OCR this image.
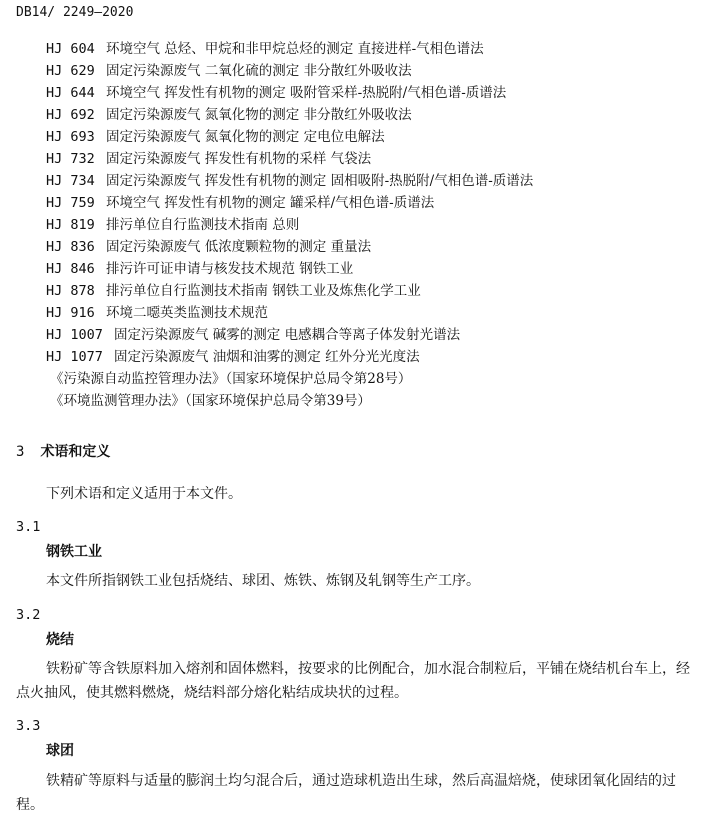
DB14/ 2249—2020
HJ 604 环境空气 总烃、甲烷和非甲烷总烃的测定 直接进样-气相色谱法
HJ 629 固定污染源废气 二氧化硫的测定 非分散红外吸收法
HJ 644 环境空气 挥发性有机物的测定 吸附管采样-热脱附/气相色谱-质谱法
HJ 692 固定污染源废气 氮氧化物的测定 非分散红外吸收法
HJ 693 固定污染源废气 氮氧化物的测定 定电位电解法
HJ 732 固定污染源废气 挥发性有机物的采样 气袋法
HJ 734 固定污染源废气 挥发性有机物的测定 固相吸附-热脱附/气相色谱-质谱法
HJ 759 环境空气 挥发性有机物的测定 罐采样/气相色谱-质谱法
HJ 819 排污单位自行监测技术指南 总则
HJ 836 固定污染源废气 低浓度颗粒物的测定 重量法
HJ 846 排污许可证申请与核发技术规范 钢铁工业
HJ 878 排污单位自行监测技术指南 钢铁工业及炼焦化学工业
HJ 916 环境二噁英类监测技术规范
HJ 1007 固定污染源废气 碱雾的测定 电感耦合等离子体发射光谱法
HJ 1077 固定污染源废气 油烟和油雾的测定 红外分光光度法
《污染源自动监控管理办法》（国家环境保护总局令第28号）
《环境监测管理办法》（国家环境保护总局令第39号）
3 术语和定义
下列术语和定义适用于本文件。
3.1
钢铁工业
本文件所指钢铁工业包括烧结、球团、炼铁、炼钢及轧钢等生产工序。
3.2
烧结
铁粉矿等含铁原料加入熔剂和固体燃料，按要求的比例配合，加水混合制粒后，平铺在烧结机台车上，经点火抽风，使其燃料燃烧，烧结料部分熔化粘结成块状的过程。
3.3
球团
铁精矿等原料与适量的膨润土均匀混合后，通过造球机造出生球，然后高温焙烧，使球团氧化固结的过程。
